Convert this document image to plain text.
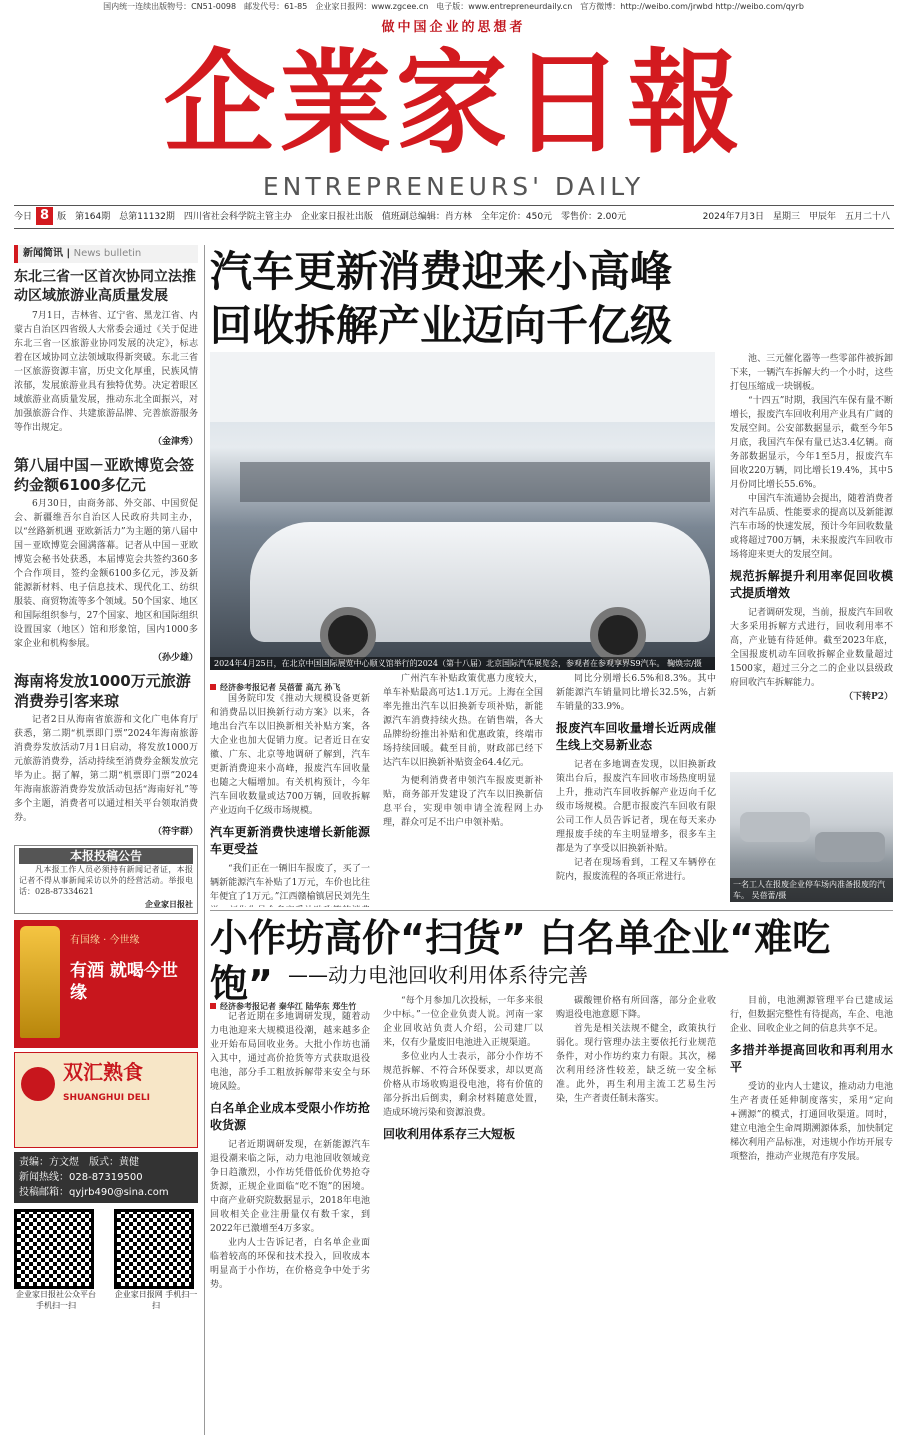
国内统一连续出版物号：CN51-0098　邮发代号：61-85　企业家日报网：www.zgcee.cn　电子版：www.entrepreneurdaily.cn　官方微博：http://weibo.com/jrwbd http://weibo.com/qyrb
做中国企业的思想者
企業家日報
ENTREPRENEURS' DAILY
今日 8 版　第164期　总第11132期　四川省社会科学院主管主办　企业家日报社出版　值班副总编辑：肖方林　全年定价：450元　零售价：2.00元	2024年7月3日　星期三　甲辰年　五月二十八
新闻简讯 | News bulletin
东北三省一区首次协同立法推动区域旅游业高质量发展
7月1日，吉林省、辽宁省、黑龙江省、内蒙古自治区四省级人大常委会通过《关于促进东北三省一区旅游业协同发展的决定》，标志着在区域协同立法领域取得新突破。东北三省一区旅游资源丰富，历史文化厚重，民族风情浓郁，发展旅游业具有独特优势。决定着眼区域旅游业高质量发展，推动东北全面振兴，对加强旅游合作、共建旅游品牌、完善旅游服务等作出规定。
（金津秀）
第八届中国－亚欧博览会签约金额6100多亿元
6月30日，由商务部、外交部、中国贸促会、新疆维吾尔自治区人民政府共同主办，以“丝路新机遇 亚欧新活力”为主题的第八届中国－亚欧博览会圆满落幕。记者从中国－亚欧博览会秘书处获悉，本届博览会共签约360多个合作项目，签约金额6100多亿元，涉及新能源新材料、电子信息技术、现代化工、纺织服装、商贸物流等多个领域。50个国家、地区和国际组织参与，27个国家、地区和国际组织设置国家（地区）馆和形象馆，国内1000多家企业和机构参展。
（孙少雄）
海南将发放1000万元旅游消费券引客来琼
记者2日从海南省旅游和文化广电体育厅获悉，第二期“机票即门票”2024年海南旅游消费券发放活动7月1日启动，将发放1000万元旅游消费券，活动持续至消费券金额发放完毕为止。据了解，第二期“机票即门票”2024年海南旅游消费券发放活动包括“海南好礼”等多个主题，消费者可以通过相关平台领取消费券。
（符宇群）
本报投稿公告
凡本报工作人员必须持有新闻记者证，本报记者不得从事新闻采访以外的经营活动。举报电话：028-87334621
企业家日报社
有国缘 · 今世缘
有酒 就喝今世缘
双汇熟食
SHUANGHUI DELI
责编：方文煜　版式：黄健
新闻热线：028-87319500
投稿邮箱：qyjrb490@sina.com
企业家日报社公众平台 手机扫一扫
企业家日报网 手机扫一扫
汽车更新消费迎来小高峰
回收拆解产业迈向千亿级
2024年4月25日，在北京中国国际展览中心顺义馆举行的2024（第十八届）北京国际汽车展览会，参观者在参观享界S9汽车。 鞠焕宗/摄
经济参考报记者 吴蓓蕾 高亢 孙飞
国务院印发《推动大规模设备更新和消费品以旧换新行动方案》以来，各地出台汽车以旧换新相关补贴方案，各大企业也加大促销力度。记者近日在安徽、广东、北京等地调研了解到，汽车更新消费迎来小高峰，报废汽车回收量也随之大幅增加。有关机构预计，今年汽车回收数量或达700万辆，回收拆解产业迈向千亿级市场规模。
汽车更新消费快速增长新能源车更受益
“我们正在一辆旧车报废了，买了一辆新能源汽车补贴了1万元，车价也比往年便宜了1万元。”江西赣榆镇居民刘先生
广州汽车补贴政策优惠力度较大，单车补贴最高可达1.1万元。上海在全国率先推出汽车以旧换新专项补贴，新能源汽车消费持续火热。在销售端，各大品牌纷纷推出补贴和优惠政策，终端市场持续回暖。截至目前，财政部已经下达汽车以旧换新补贴资金64.4亿元。
为便利消费者申领汽车报废更新补贴，商务部开发建设了汽车以旧换新信息平台，实现申领申请全流程网上办理，群众可足不出户申领补贴。
同比分别增长6.5%和8.3%。其中新能源汽车销量同比增长32.5%，占新车销量的33.9%。
报废汽车回收量增长近两成催生线上交易新业态
记者在多地调查发现，以旧换新政策出台后，报废汽车回收市场热度明显上升，推动汽车回收拆解产业迈向千亿级市场规模。合肥市报废汽车回收有限公司工作人员告诉记者，现在每天来办理报废手续的车主明显增多，很多车主都是为了享受以旧换新补贴。
记者在现场看到，工程又车辆停在院内，报废流程的各项正常进行。
池、三元催化器等一些零部件被拆卸下来，一辆汽车拆解大约一个小时，这些打包压缩成一块钢板。
“十四五”时期，我国汽车保有量不断增长，报废汽车回收利用产业具有广阔的发展空间。公安部数据显示，截至今年5月底，我国汽车保有量已达3.4亿辆。商务部数据显示，今年1至5月，报废汽车回收220万辆，同比增长19.4%，其中5月份同比增长55.6%。
中国汽车流通协会提出，随着消费者对汽车品质、性能要求的提高以及新能源汽车市场的快速发展，预计今年回收数量或将超过700万辆，未来报废汽车回收市场将迎来更大的发展空间。
规范拆解提升利用率促回收模式提质增效
记者调研发现，当前，报废汽车回收大多采用拆解方式进行，回收利用率不高，产业链有待延伸。截至2023年底，全国报废机动车回收拆解企业数量超过1500家，超过三分之二的企业以县级政府回收汽车拆解能力。
（下转P2）
一名工人在报废企业停车场内准备报废的汽车。 吴蓓蕾/摄
小作坊高价“扫货” 白名单企业“难吃饱” ——动力电池回收利用体系待完善
经济参考报记者 秦华江 陆华东 郑生竹
记者近期在多地调研发现，随着动力电池迎来大规模退役潮，越来越多企业开始布局回收业务。大批小作坊也涌入其中，通过高价抢货等方式获取退役电池，部分手工粗放拆解带来安全与环境风险。
白名单企业成本受限小作坊抢收货源
记者近期调研发现，在新能源汽车退役潮来临之际，动力电池回收领域竞争日趋激烈，小作坊凭借低价优势抢夺货源，正规企业面临“吃不饱”的困境。中商产业研究院数据显示，2018年电池回收相关企业注册量仅有数千家，到2022年已激增至4万多家。
业内人士告诉记者，白名单企业面临着较高的环保和技术投入，回收成本明显高于小作坊，在价格竞争中处于劣势。
“每个月参加几次投标，一年多来很少中标。”一位企业负责人说。河南一家企业回收站负责人介绍，公司建厂以来，仅有少量废旧电池进入正规渠道。
多位业内人士表示，部分小作坊不规范拆解、不符合环保要求，却以更高价格从市场收购退役电池，将有价值的部分拆出后倒卖，剩余材料随意处置，造成环境污染和资源浪费。
回收利用体系存三大短板
碳酸锂价格有所回落，部分企业收购退役电池意愿下降。
首先是相关法规不健全，政策执行弱化。现行管理办法主要依托行业规范条件，对小作坊约束力有限。其次，梯次利用经济性较差，缺乏统一安全标准。此外，再生利用主流工艺易生污染，生产者责任制未落实。
目前，电池溯源管理平台已建成运行，但数据完整性有待提高，车企、电池企业、回收企业之间的信息共享不足。
多措并举提高回收和再利用水平
受访的业内人士建议，推动动力电池生产者责任延伸制度落实，采用“定向+溯源”的模式，打通回收渠道。同时，建立电池全生命周期溯源体系，加快制定梯次利用产品标准，对违规小作坊开展专项整治，推动产业规范有序发展。
